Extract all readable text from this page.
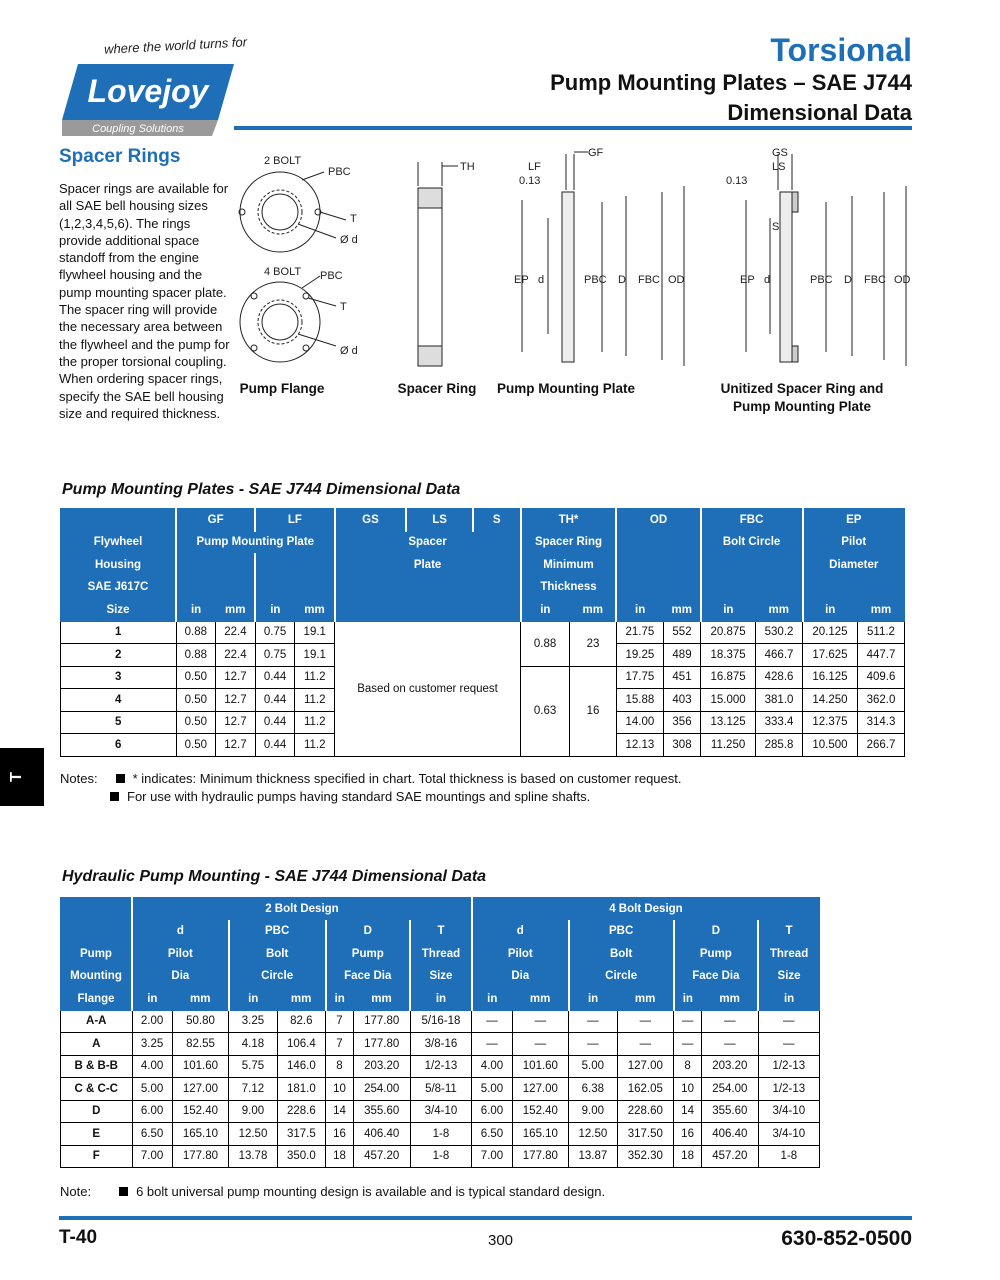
where the world turns for
Lovejoy
Coupling Solutions
Torsional
Pump Mounting Plates – SAE J744
Dimensional Data
Spacer Rings
Spacer rings are available for all SAE bell housing sizes (1,2,3,4,5,6). The rings provide additional space standoff from the engine flywheel housing and the pump mounting spacer plate. The spacer ring will provide the necessary area between the flywheel and the pump for the proper torsional coupling. When ordering spacer rings, specify the SAE bell housing size and required thickness.
2 BOLT
PBC
T
Ø d
4 BOLT PBC
T
Ø d
TH
GF
LF
0.13
EP d	PBC D FBC OD
GS
LS
0.13
S
EP d	PBC D FBC OD
Pump Flange	Spacer Ring	Pump Mounting Plate	Unitized Spacer Ring and
Pump Mounting Plate
Pump Mounting Plates - SAE J744 Dimensional Data
	GF		LF		GS	LS	S	TH*		OD		FBC		EP	
Flywheel	Pump Mounting Plate				Spacer			Spacer Ring				Bolt Circle		Pilot	
Housing					Plate			Minimum						Diameter	
SAE J617C								Thickness							
Size	in	mm	in	mm				in	mm	in	mm	in	mm	in	mm
1	0.88	22.4	0.75	19.1	Based on customer request			0.88	23	21.75	552	20.875	530.2	20.125	511.2
2	0.88	22.4	0.75	19.1						19.25	489	18.375	466.7	17.625	447.7
3	0.50	12.7	0.44	11.2				0.63	16	17.75	451	16.875	428.6	16.125	409.6
4	0.50	12.7	0.44	11.2						15.88	403	15.000	381.0	14.250	362.0
5	0.50	12.7	0.44	11.2						14.00	356	13.125	333.4	12.375	314.3
6	0.50	12.7	0.44	11.2						12.13	308	11.250	285.8	10.500	266.7
Notes:	* indicates: Minimum thickness specified in chart. Total thickness is based on customer request.
For use with hydraulic pumps having standard SAE mountings and spline shafts.
T
Hydraulic Pump Mounting - SAE J744 Dimensional Data
	2 Bolt Design							4 Bolt Design						
	d		PBC		D		T	d		PBC		D		T
Pump	Pilot		Bolt		Pump		Thread	Pilot		Bolt		Pump		Thread
Mounting	Dia		Circle		Face Dia		Size	Dia		Circle		Face Dia		Size
Flange	in	mm	in	mm	in	mm	in	in	mm	in	mm	in	mm	in
A-A	2.00	50.80	3.25	82.6	7	177.80	5/16-18	—	—	—	—	—	—	—
A	3.25	82.55	4.18	106.4	7	177.80	3/8-16	—	—	—	—	—	—	—
B & B-B	4.00	101.60	5.75	146.0	8	203.20	1/2-13	4.00	101.60	5.00	127.00	8	203.20	1/2-13
C & C-C	5.00	127.00	7.12	181.0	10	254.00	5/8-11	5.00	127.00	6.38	162.05	10	254.00	1/2-13
D	6.00	152.40	9.00	228.6	14	355.60	3/4-10	6.00	152.40	9.00	228.60	14	355.60	3/4-10
E	6.50	165.10	12.50	317.5	16	406.40	1-8	6.50	165.10	12.50	317.50	16	406.40	3/4-10
F	7.00	177.80	13.78	350.0	18	457.20	1-8	7.00	177.80	13.87	352.30	18	457.20	1-8
Note:	6 bolt universal pump mounting design is available and is typical standard design.
T-40	300	630-852-0500
